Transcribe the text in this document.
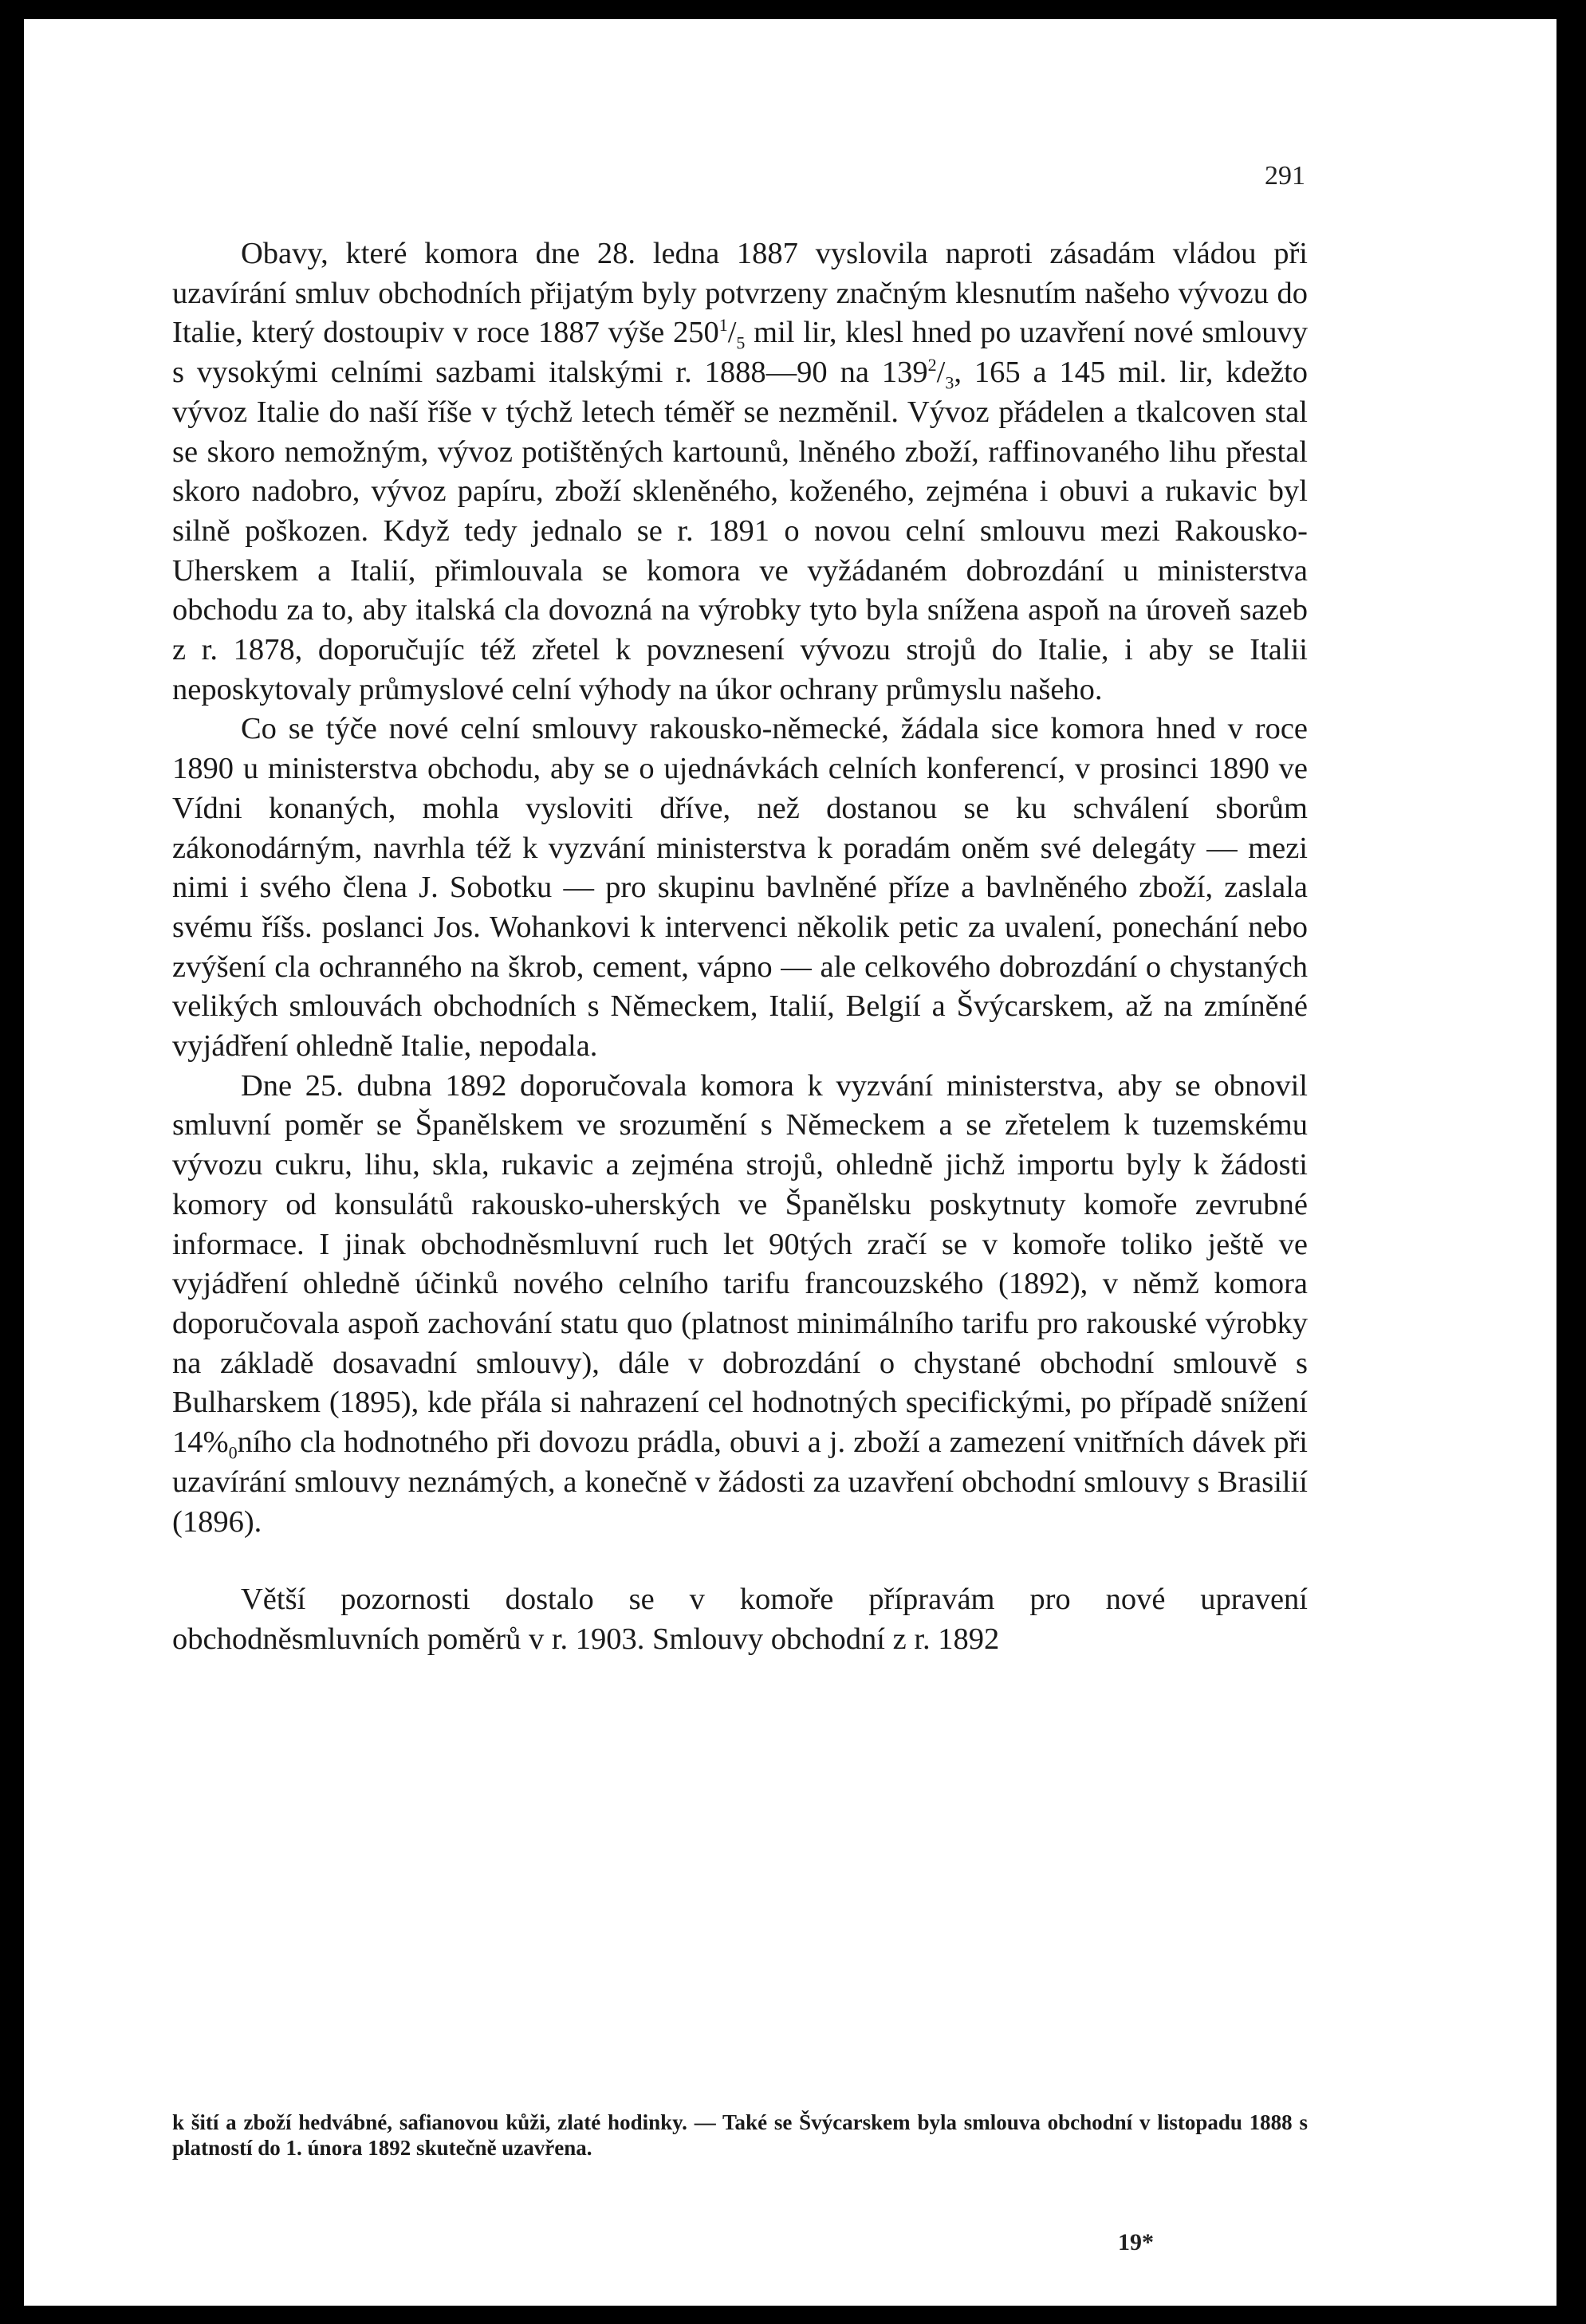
291

Obavy, které komora dne 28. ledna 1887 vyslovila naproti zásadám vládou při uzavírání smluv obchodních přijatým byly potvrzeny značným klesnutím našeho vývozu do Italie, který dostoupiv v roce 1887 výše $250^1/_5$ mil lir, klesl hned po uzavření nové smlouvy s vysokými celními sazbami italskými r. 1888—90 na $139^2/_3$, 165 a 145 mil. lir, kdežto vývoz Italie do naší říše v týchž letech téměř se nezměnil. Vývoz přádelen a tkalcoven stal se skoro nemožným, vývoz potištěných kartounů, lněného zboží, raffinovaného lihu přestal skoro nadobro, vývoz papíru, zboží skleněného, koženého, zejména i obuvi a rukavic byl silně poškozen. Když tedy jednalo se r. 1891 o novou celní smlouvu mezi Rakousko-Uherskem a Italií, přimlouvala se komora ve vyžádaném dobrozdání u ministerstva obchodu za to, aby italská cla dovozná na výrobky tyto byla snížena aspoň na úroveň sazeb z r. 1878, doporučujíc též zřetel k povznesení vývozu strojů do Italie, i aby se Italii neposkytovaly průmyslové celní výhody na úkor ochrany průmyslu našeho.

Co se týče nové celní smlouvy rakousko-německé, žádala sice komora hned v roce 1890 u ministerstva obchodu, aby se o ujednávkách celních konferencí, v prosinci 1890 ve Vídni konaných, mohla vysloviti dříve, než dostanou se ku schválení sborům zákonodárným, navrhla též k vyzvání ministerstva k poradám oněm své delegáty — mezi nimi i svého člena J. Sobotku — pro skupinu bavlněné příze a bavlněného zboží, zaslala svému říšs. poslanci Jos. Wohankovi k intervenci několik petic za uvalení, ponechání nebo zvýšení cla ochranného na škrob, cement, vápno — ale celkového dobrozdání o chystaných velikých smlouvách obchodních s Německem, Italií, Belgií a Švýcarskem, až na zmíněné vyjádření ohledně Italie, nepodala.

Dne 25. dubna 1892 doporučovala komora k vyzvání ministerstva, aby se obnovil smluvní poměr se Španělskem ve srozumění s Německem a se zřetelem k tuzemskému vývozu cukru, lihu, skla, rukavic a zejména strojů, ohledně jichž importu byly k žádosti komory od konsulátů rakousko-uherských ve Španělsku poskytnuty komoře zevrubné informace. I jinak obchodněsmluvní ruch let 90tých zračí se v komoře toliko ještě ve vyjádření ohledně účinků nového celního tarifu francouzského (1892), v němž komora doporučovala aspoň zachování statu quo (platnost minimálního tarifu pro rakouské výrobky na základě dosavadní smlouvy), dále v dobrozdání o chystané obchodní smlouvě s Bulharskem (1895), kde přála si nahrazení cel hodnotných specifickými, po případě snížení $14\%_0ního$ cla hodnotného při dovozu prádla, obuvi a j. zboží a zamezení vnitřních dávek při uzavírání smlouvy neznámých, a konečně v žádosti za uzavření obchodní smlouvy s Brasilií (1896).

Větší pozornosti dostalo se v komoře přípravám pro nové upravení obchodněsmluvních poměrů v r. 1903. Smlouvy obchodní z r. 1892

k šití a zboží hedvábné, safianovou kůži, zlaté hodinky. — Také se Švýcarskem byla smlouva obchodní v listopadu 1888 s platností do 1. února 1892 skutečně uzavřena.
19*
